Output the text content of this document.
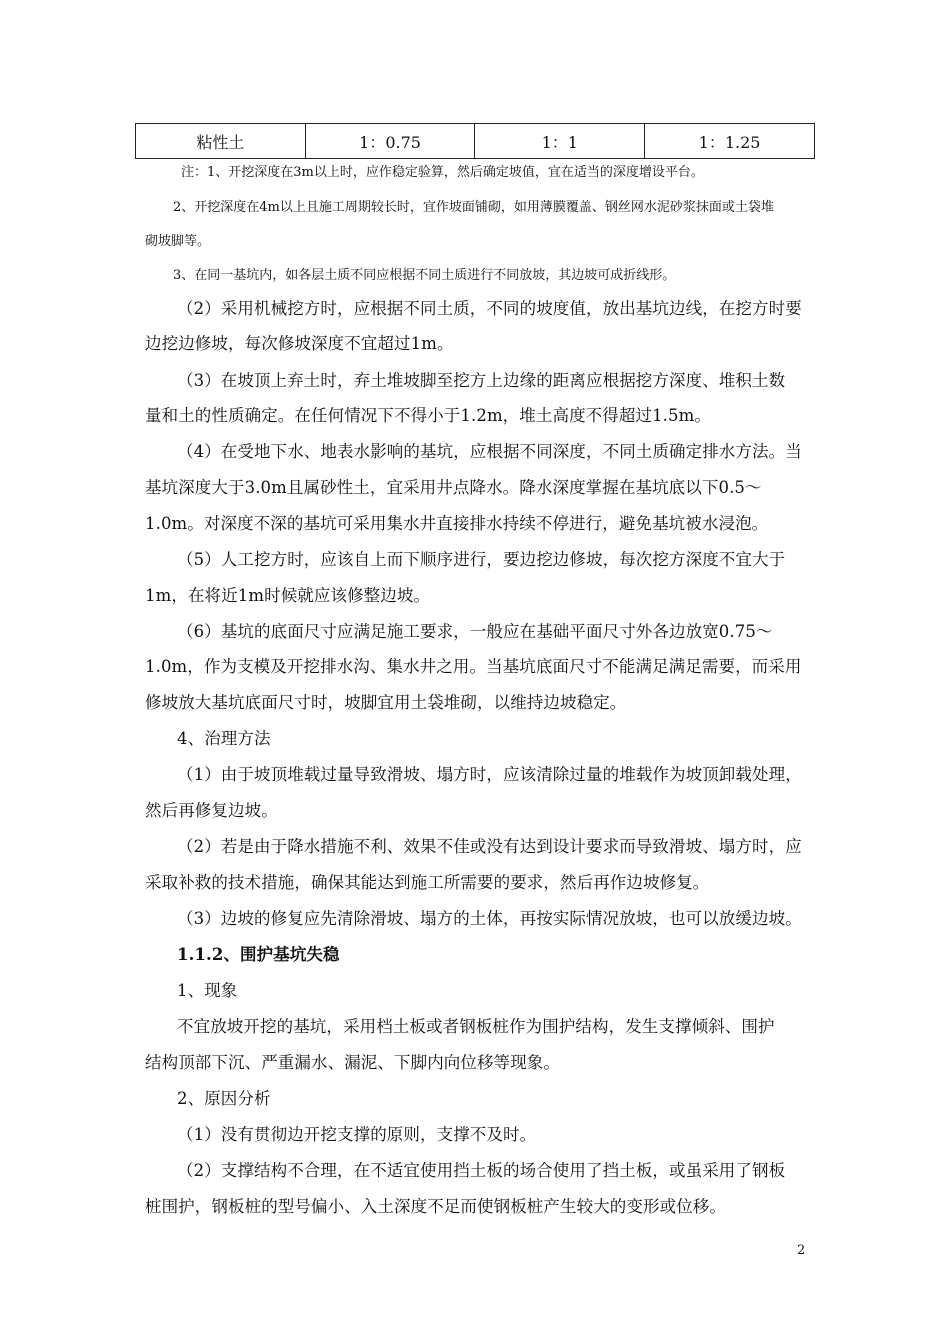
粘性土	1：0.75	1：1	1：1.25
注：1、开挖深度在3m以上时，应作稳定验算，然后确定坡值，宜在适当的深度增设平台。
2、开挖深度在4m以上且施工周期较长时，宜作坡面铺砌，如用薄膜覆盖、钢丝网水泥砂浆抹面或土袋堆
砌坡脚等。
3、在同一基坑内，如各层土质不同应根据不同土质进行不同放坡，其边坡可成折线形。
（2）采用机械挖方时，应根据不同土质，不同的坡度值，放出基坑边线，在挖方时要
边挖边修坡，每次修坡深度不宜超过1m。
（3）在坡顶上弃土时，弃土堆坡脚至挖方上边缘的距离应根据挖方深度、堆积土数
量和土的性质确定。在任何情况下不得小于1.2m，堆土高度不得超过1.5m。
（4）在受地下水、地表水影响的基坑，应根据不同深度，不同土质确定排水方法。当
基坑深度大于3.0m且属砂性土，宜采用井点降水。降水深度掌握在基坑底以下0.5～
1.0m。对深度不深的基坑可采用集水井直接排水持续不停进行，避免基坑被水浸泡。
（5）人工挖方时，应该自上而下顺序进行，要边挖边修坡，每次挖方深度不宜大于
1m，在将近1m时候就应该修整边坡。
（6）基坑的底面尺寸应满足施工要求，一般应在基础平面尺寸外各边放宽0.75～
1.0m，作为支模及开挖排水沟、集水井之用。当基坑底面尺寸不能满足满足需要，而采用
修坡放大基坑底面尺寸时，坡脚宜用土袋堆砌，以维持边坡稳定。
4、治理方法
（1）由于坡顶堆载过量导致滑坡、塌方时，应该清除过量的堆载作为坡顶卸载处理，
然后再修复边坡。
（2）若是由于降水措施不利、效果不佳或没有达到设计要求而导致滑坡、塌方时，应
采取补救的技术措施，确保其能达到施工所需要的要求，然后再作边坡修复。
（3）边坡的修复应先清除滑坡、塌方的土体，再按实际情况放坡，也可以放缓边坡。
1.1.2、围护基坑失稳
1、现象
不宜放坡开挖的基坑，采用档土板或者钢板桩作为围护结构，发生支撑倾斜、围护
结构顶部下沉、严重漏水、漏泥、下脚内向位移等现象。
2、原因分析
（1）没有贯彻边开挖支撑的原则，支撑不及时。
（2）支撑结构不合理，在不适宜使用挡土板的场合使用了挡土板，或虽采用了钢板
桩围护，钢板桩的型号偏小、入土深度不足而使钢板桩产生较大的变形或位移。
2
